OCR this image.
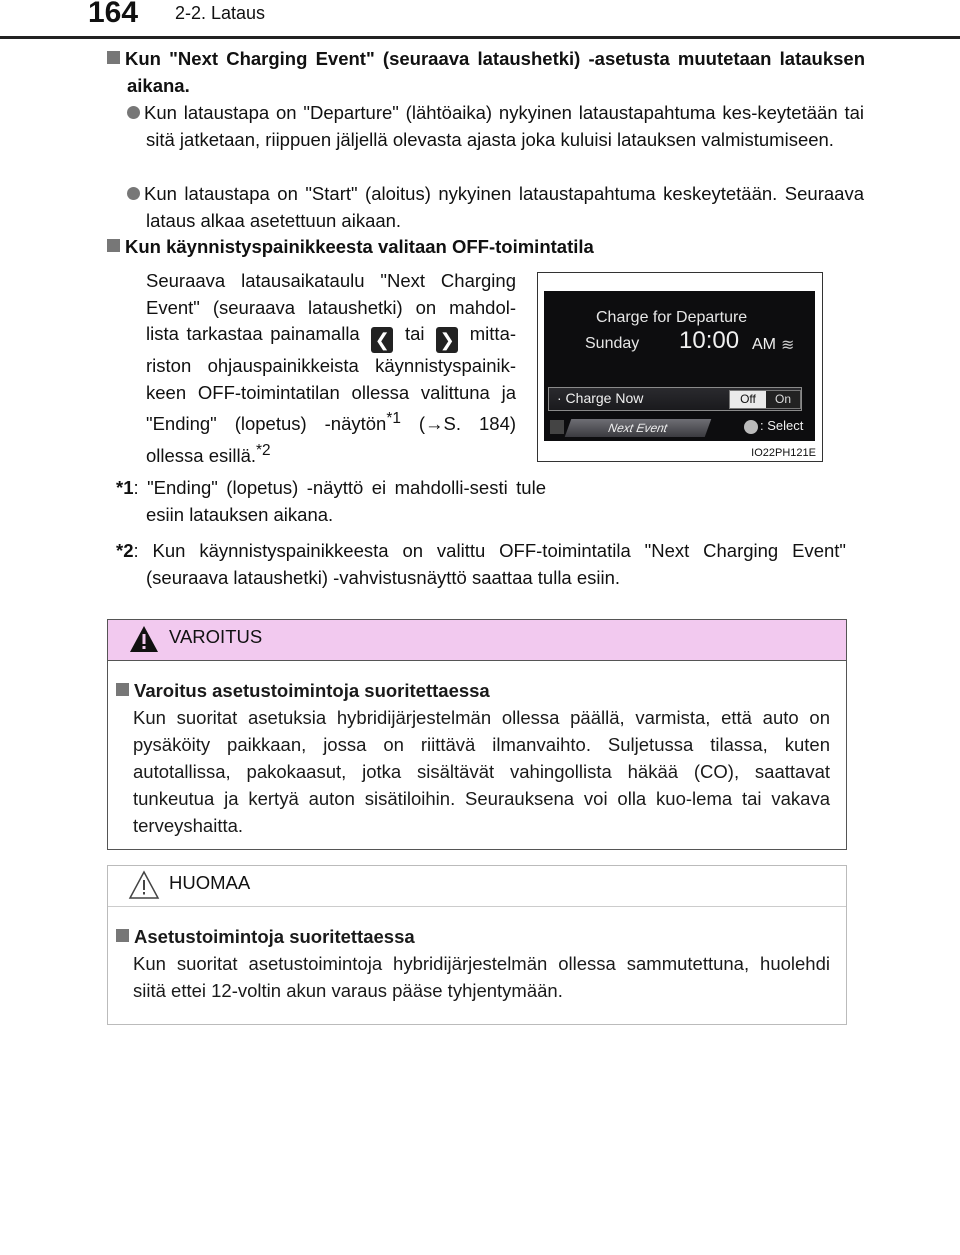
164 2-2. Lataus
Kun "Next Charging Event" (seuraava lataushetki) -asetusta muutetaan latauksen aikana.
Kun lataustapa on "Departure" (lähtöaika) nykyinen lataustapahtuma kes-keytetään tai sitä jatketaan, riippuen jäljellä olevasta ajasta joka kuluisi latauksen valmistumiseen.
Kun lataustapa on "Start" (aloitus) nykyinen lataustapahtuma keskeytetään. Seuraava lataus alkaa asetettuun aikaan.
Kun käynnistyspainikkeesta valitaan OFF-toimintatila
Seuraava latausaikataulu "Next Charging Event" (seuraava lataushetki) on mahdol-lista tarkastaa painamalla ❮ tai ❯ mitta-riston ohjauspainikkeista käynnistyspainik-keen OFF-toimintatilan ollessa valittuna ja "Ending" (lopetus) -näytön$^{*1}$ (→S. 184) ollessa esillä.$^{*2}$
*1: "Ending" (lopetus) -näyttö ei mahdolli-sesti tule esiin latauksen aikana.
*2: Kun käynnistyspainikkeesta on valittu OFF-toimintatila "Next Charging Event" (seuraava lataushetki) -vahvistusnäyttö saattaa tulla esiin.
Charge for Departure
Sunday 10:00 AM ≋
· Charge Now	Off	On
Next Event	: Select
IO22PH121E
VAROITUS
Varoitus asetustoimintoja suoritettaessa
Kun suoritat asetuksia hybridijärjestelmän ollessa päällä, varmista, että auto on pysäköity paikkaan, jossa on riittävä ilmanvaihto. Suljetussa tilassa, kuten autotallissa, pakokaasut, jotka sisältävät vahingollista häkää (CO), saattavat tunkeutua ja kertyä auton sisätiloihin. Seurauksena voi olla kuo-lema tai vakava terveyshaitta.
HUOMAA
Asetustoimintoja suoritettaessa
Kun suoritat asetustoimintoja hybridijärjestelmän ollessa sammutettuna, huolehdi siitä ettei 12-voltin akun varaus pääse tyhjentymään.
